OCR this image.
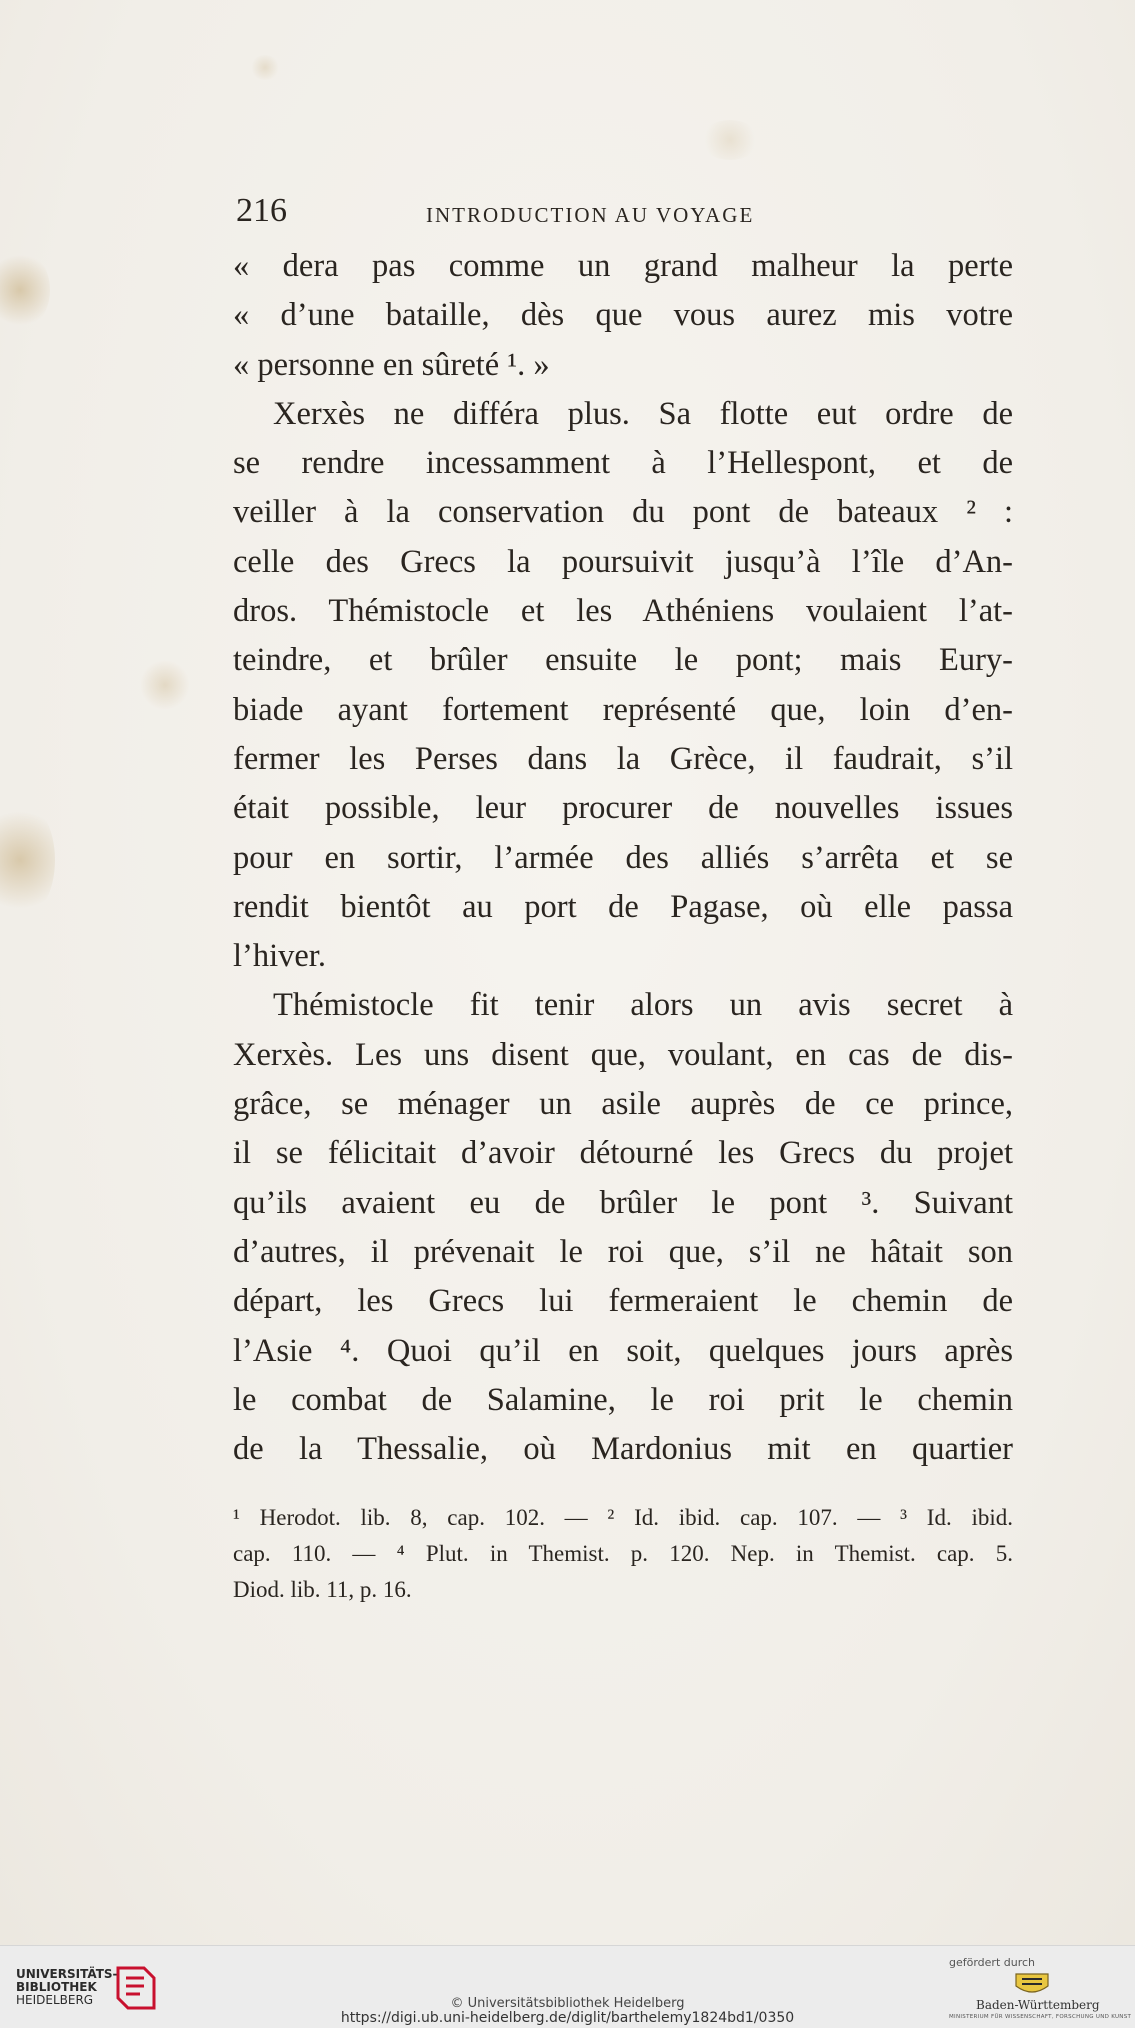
216	INTRODUCTION AU VOYAGE
« dera pas comme un grand malheur la perte
« d’une bataille, dès que vous aurez mis votre
« personne en sûreté ¹. »
Xerxès ne différa plus. Sa flotte eut ordre de
se rendre incessamment à l’Hellespont, et de
veiller à la conservation du pont de bateaux ² :
celle des Grecs la poursuivit jusqu’à l’île d’An-
dros. Thémistocle et les Athéniens voulaient l’at-
teindre, et brûler ensuite le pont; mais Eury-
biade ayant fortement représenté que, loin d’en-
fermer les Perses dans la Grèce, il faudrait, s’il
était possible, leur procurer de nouvelles issues
pour en sortir, l’armée des alliés s’arrêta et se
rendit bientôt au port de Pagase, où elle passa
l’hiver.
Thémistocle fit tenir alors un avis secret à
Xerxès. Les uns disent que, voulant, en cas de dis-
grâce, se ménager un asile auprès de ce prince,
il se félicitait d’avoir détourné les Grecs du projet
qu’ils avaient eu de brûler le pont ³. Suivant
d’autres, il prévenait le roi que, s’il ne hâtait son
départ, les Grecs lui fermeraient le chemin de
l’Asie ⁴. Quoi qu’il en soit, quelques jours après
le combat de Salamine, le roi prit le chemin
de la Thessalie, où Mardonius mit en quartier
¹ Herodot. lib. 8, cap. 102. — ² Id. ibid. cap. 107. — ³ Id. ibid.
cap. 110. — ⁴ Plut. in Themist. p. 120. Nep. in Themist. cap. 5.
Diod. lib. 11, p. 16.
UNIVERSITÄTS-
BIBLIOTHEK
HEIDELBERG	© Universitätsbibliothek Heidelberg
https://digi.ub.uni-heidelberg.de/diglit/barthelemy1824bd1/0350
gefördert durch
Baden-Württemberg
MINISTERIUM FÜR WISSENSCHAFT, FORSCHUNG UND KUNST
